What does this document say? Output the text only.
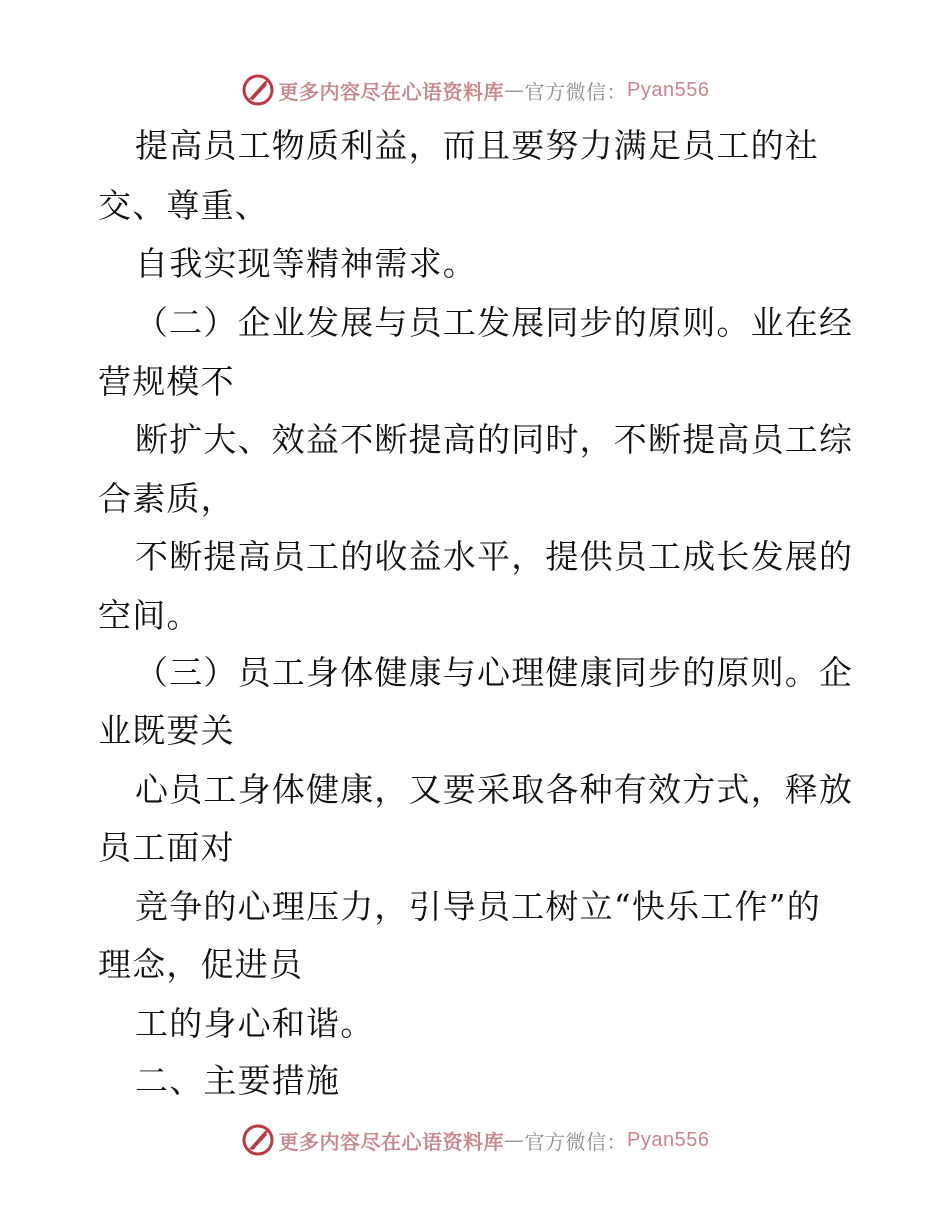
更多内容尽在心语资料库 — 官方微信： Pyan556
提高员工物质利益，而且要努力满足员工的社
交、尊重、
自我实现等精神需求。
（二）企业发展与员工发展同步的原则。业在经
营规模不
断扩大、效益不断提高的同时，不断提高员工综
合素质，
不断提高员工的收益水平，提供员工成长发展的
空间。
（三）员工身体健康与心理健康同步的原则。企
业既要关
心员工身体健康，又要采取各种有效方式，释放
员工面对
竞争的心理压力，引导员工树立“快乐工作”的
理念，促进员
工的身心和谐。
二、主要措施
更多内容尽在心语资料库 — 官方微信： Pyan556
